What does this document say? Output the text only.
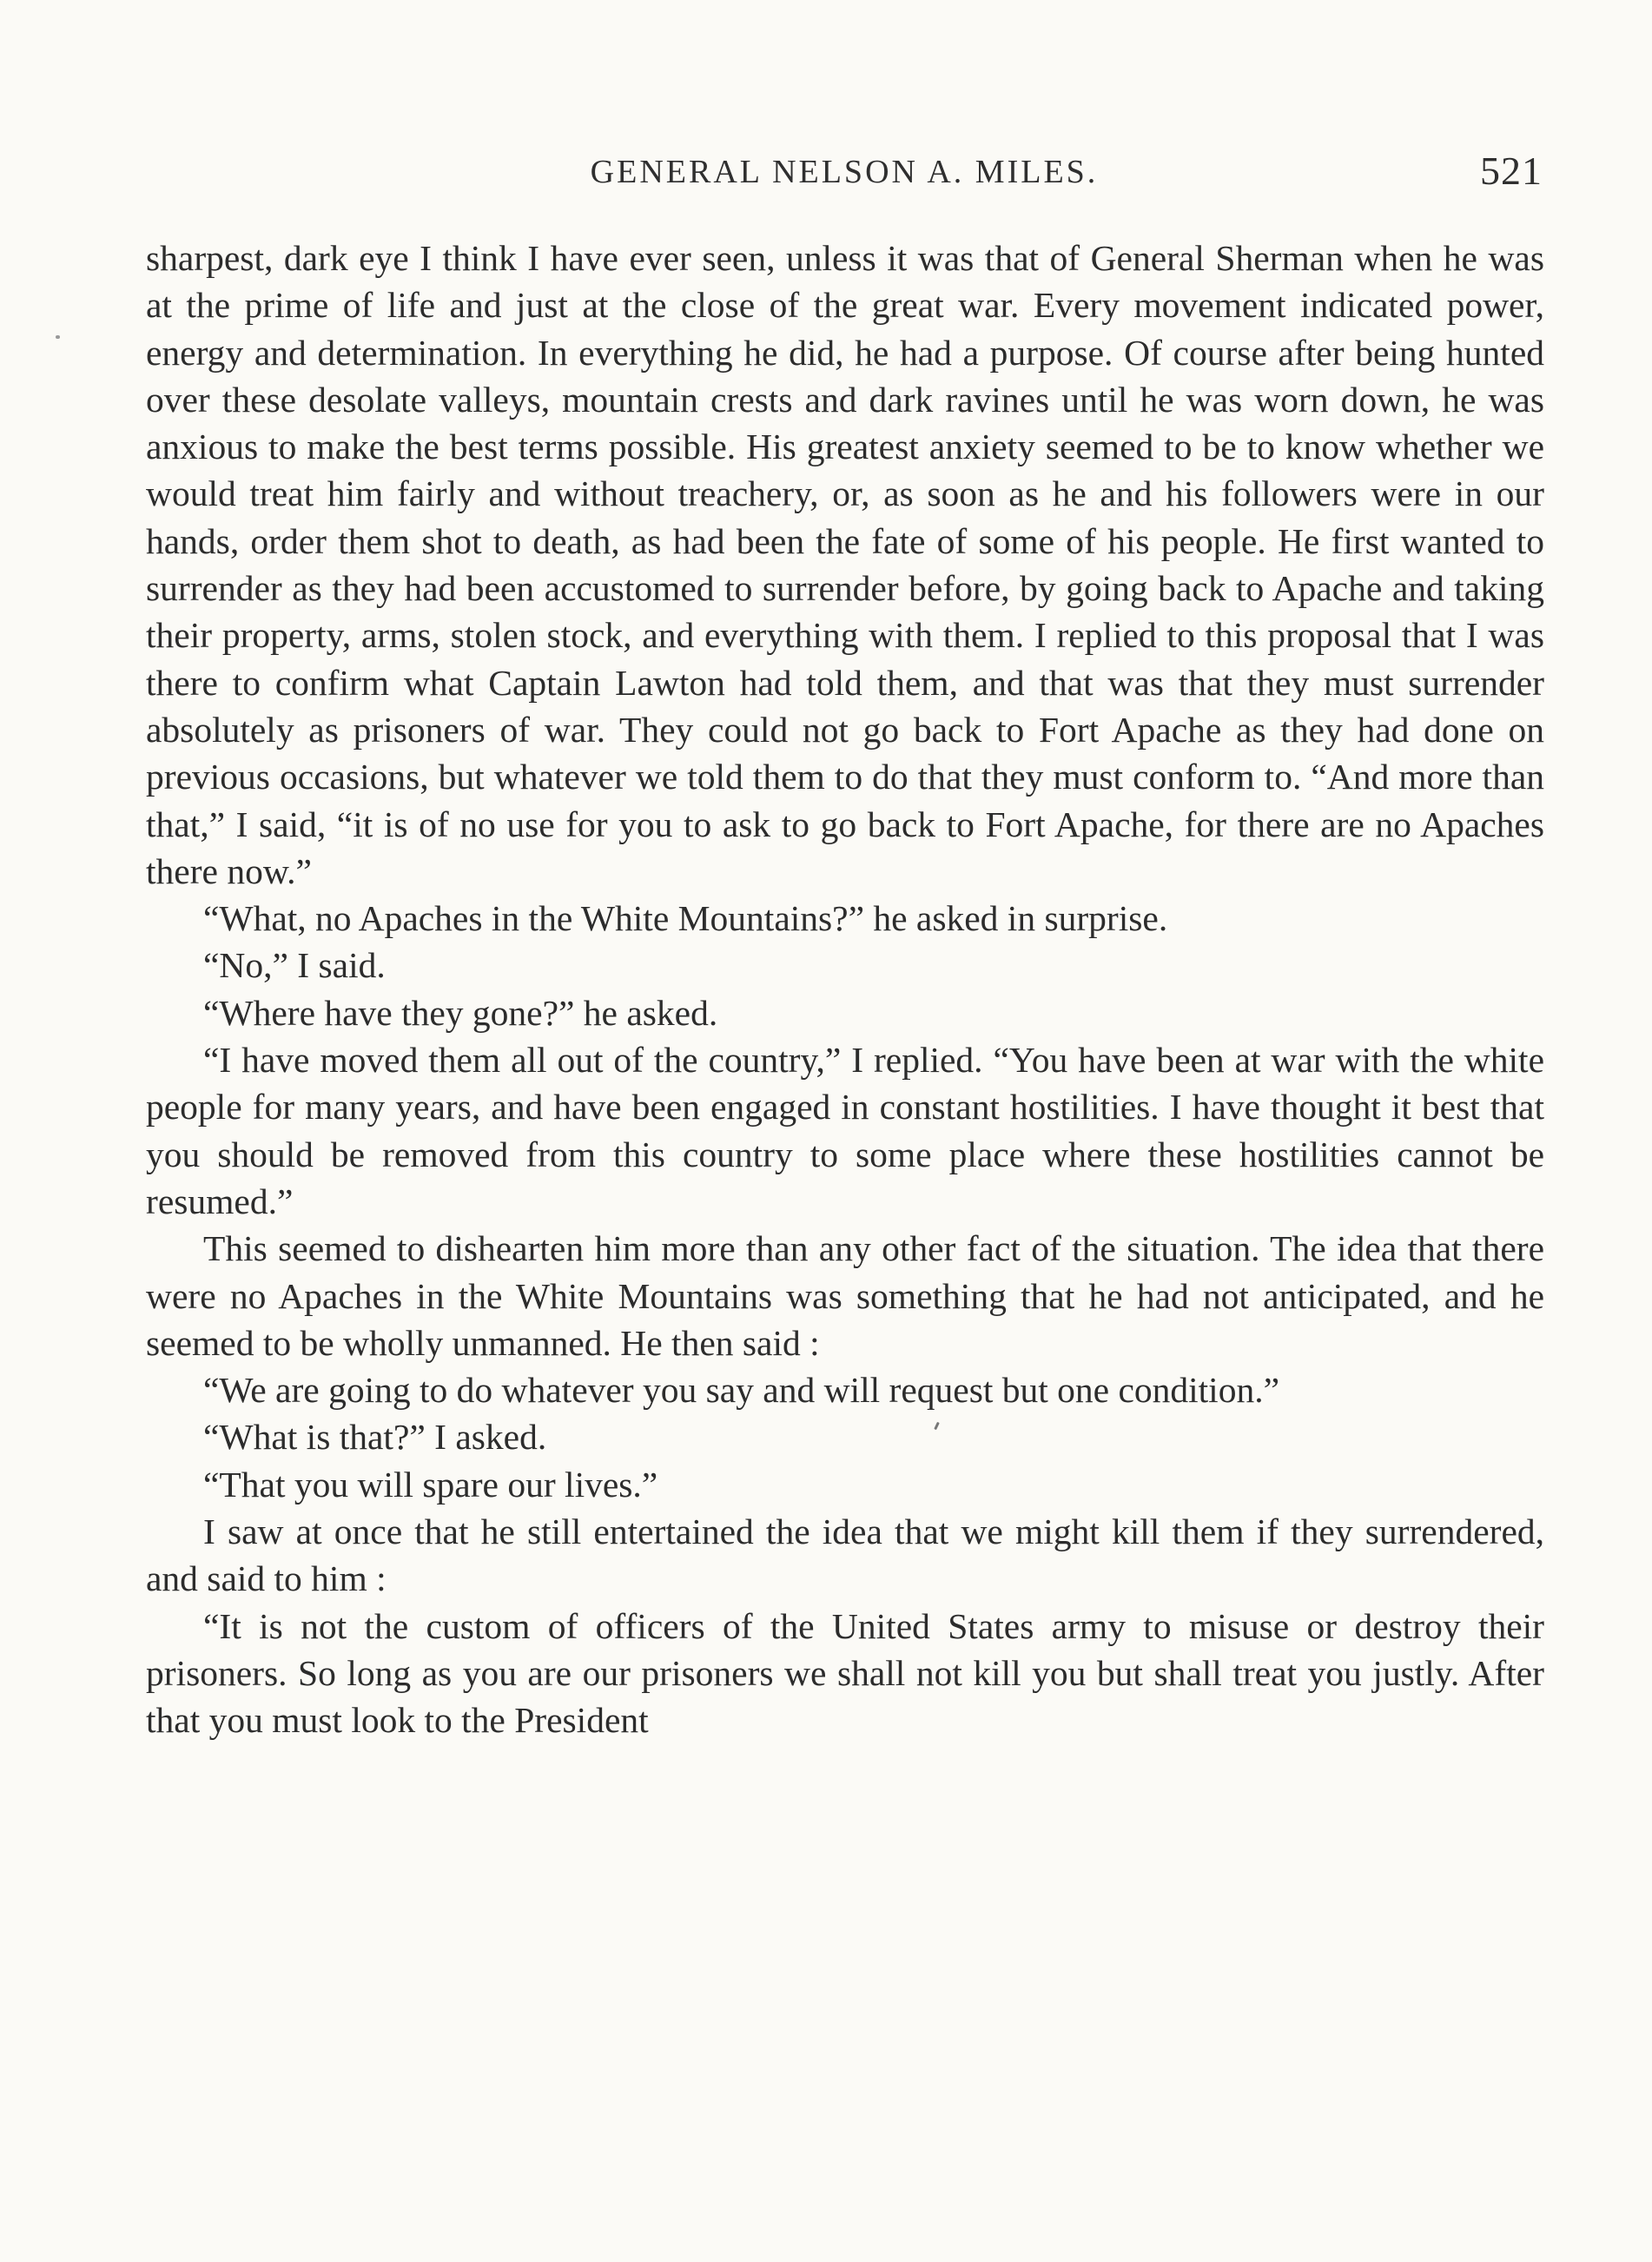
GENERAL NELSON A. MILES.	521

sharpest, dark eye I think I have ever seen, unless it was that of General Sherman when he was at the prime of life and just at the close of the great war. Every movement indicated power, energy and determination. In everything he did, he had a purpose. Of course after being hunted over these desolate valleys, mountain crests and dark ravines until he was worn down, he was anxious to make the best terms possible. His greatest anxiety seemed to be to know whether we would treat him fairly and without treachery, or, as soon as he and his followers were in our hands, order them shot to death, as had been the fate of some of his people. He first wanted to surrender as they had been accustomed to surrender before, by going back to Apache and taking their property, arms, stolen stock, and everything with them. I replied to this proposal that I was there to confirm what Captain Lawton had told them, and that was that they must surrender absolutely as prisoners of war. They could not go back to Fort Apache as they had done on previous occasions, but whatever we told them to do that they must conform to. “And more than that,” I said, “it is of no use for you to ask to go back to Fort Apache, for there are no Apaches there now.”

“What, no Apaches in the White Mountains?” he asked in surprise.

“No,” I said.

“Where have they gone?” he asked.

“I have moved them all out of the country,” I replied. “You have been at war with the white people for many years, and have been engaged in constant hostilities. I have thought it best that you should be removed from this country to some place where these hostilities cannot be resumed.”

This seemed to dishearten him more than any other fact of the situation. The idea that there were no Apaches in the White Mountains was something that he had not anticipated, and he seemed to be wholly unmanned. He then said :

“We are going to do whatever you say and will request but one condition.”

“What is that?” I asked.

“That you will spare our lives.”

I saw at once that he still entertained the idea that we might kill them if they surrendered, and said to him :

“It is not the custom of officers of the United States army to misuse or destroy their prisoners. So long as you are our prisoners we shall not kill you but shall treat you justly. After that you must look to the President
